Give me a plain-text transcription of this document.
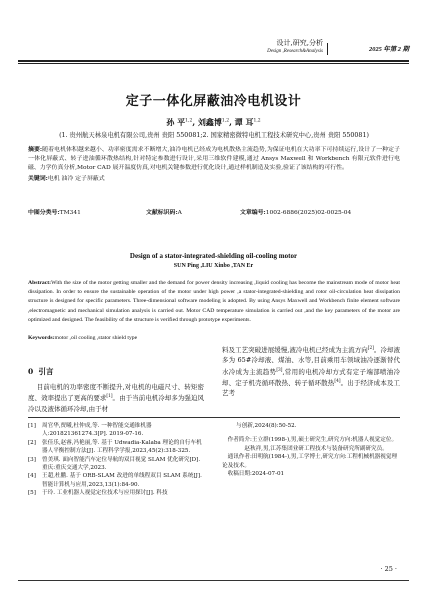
设计,研究,分析
Design ,Research&Analysis	2025 年第 2 期
定子一体化屏蔽油冷电机设计
孙 平$^{1,2}$, 刘鑫博$^{1,2}$, 谭 耳$^{1,2}$
(1. 贵州航天林泉电机有限公司,贵州 贵阳 550081;2. 国家精密微特电机工程技术研究中心,贵州 贵阳 550081)
摘要:随着电机体积越来越小、功率密度需求不断增大,油冷电机已经成为电机散热主流趋势,为保证电机在大功率下可持续运行,设计了一种定子一体化屏蔽式、转子进油循环散热结构,针对特定参数进行设计,采用三维软件建模,通过 Ansys Maxwell 和 Workbench 有限元软件进行电磁、力学仿真分析,Motor CAD 展开温度仿真,对电机关键参数进行优化设计,通过样机制造及实验,验证了该结构的可行性。
关键词:电机 油冷 定子屏蔽式
中图分类号:TM341	文献标识码:A	文章编号:1002-6886(2025)02-0025-04
Design of a stator-integrated-shielding oil-cooling motor
SUN Ping ,LIU Xinbo ,TAN Er
Abstract:With the size of the motor getting smaller and the demand for power density increasing ,liquid cooling has become the mainstream mode of motor heat dissipation. In order to ensure the sustainable operation of the motor under high power ,a stator-integrated-shielding and rotor oil-circulation heat dissipation structure is designed for specific parameters. Three-dimensional software modeling is adopted. By using Ansys Maxwell and Workbench finite element software ,electromagnetic and mechanical simulation analysis is carried out. Motor CAD temperature simulation is carried out ,and the key parameters of the motor are optimized and designed. The feasibility of the structure is verified through prototype experiments.
Keywords:motor ,oil cooling ,stator shield type
0 引言
目前电机的功率密度不断提升,对电机的电磁尺寸、转矩密度、效率提出了更高的要求[1]。由于当前电机冷却多为强迫风冷以及液体循环冷却,由于材
料及工艺突破进展缓慢,液冷电机已经成为主流方向[2]。冷却液多为 65#冷却液、煤油、水等,目前乘用车领域油冷逐渐替代水冷成为主流趋势[3],常用的电机冷却方式有定子端部喷油冷却、定子机壳循环散热、转子循环散热[4]。出于经济成本及工艺考
[1] 周官华,贾曦,杜仲成,等. 一种智能交通锥机器人:201821361274.3[P]. 2019-07-16.
[2] 张佳乐,赵睿,冯艳丽,等. 基于 Udwadia-Kalaba 理论的自行车机器人平衡控制方法[J]. 工程科学学报,2023,45(2):318-325.
[3] 曾美琪. 面向智能汽车定位导航的双目视觉 SLAM 优化研究[D]. 重庆:重庆交通大学,2023.
[4] 王超,杜鹏. 基于 ORB-SLAM 改进的单线程双目 SLAM 系统[J]. 智能计算机与应用,2023,13(1):84-90.
[5] 于玲. 工业机器人视觉定位技术与应用探讨[J]. 科技

与创新,2024(8):50-52.

作者简介:王立群(1998-),男,硕士研究生,研究方向:机器人视觉定位。

赵秋祥,男,江苏集团业研工程技术与装备研究所副研究员。

通讯作者:田明航(1984-),男,工学博士,研究方向:工程机械机器视觉理论及技术。

收稿日期:2024-07-01

· 25 ·
